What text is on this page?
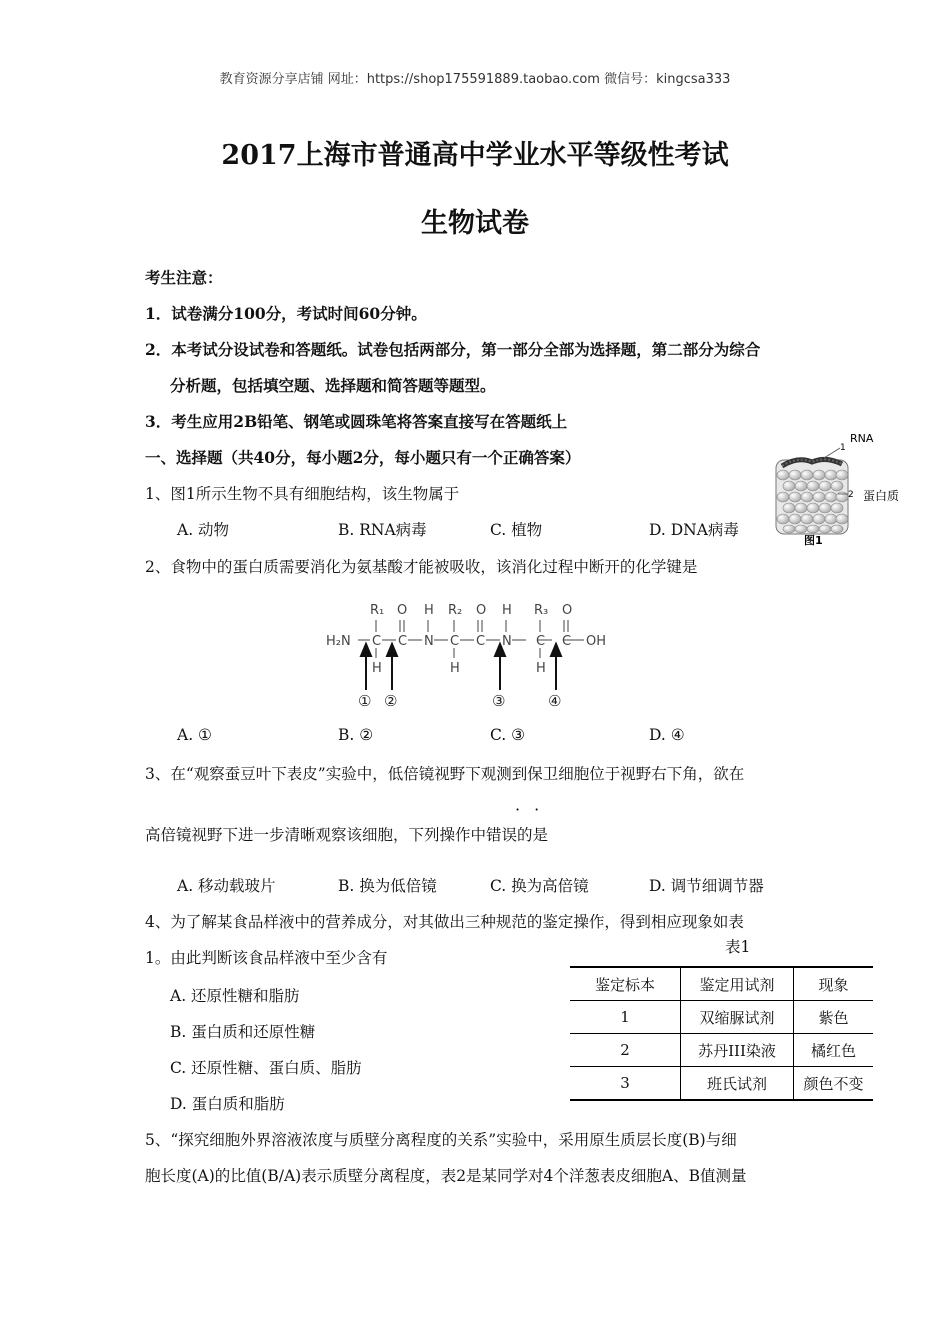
教育资源分享店铺 网址：https://shop175591889.taobao.com 微信号：kingcsa333
2017上海市普通高中学业水平等级性考试
生物试卷
考生注意：
1．试卷满分100分，考试时间60分钟。
2．本考试分设试卷和答题纸。试卷包括两部分，第一部分全部为选择题，第二部分为综合
分析题，包括填空题、选择题和简答题等题型。
3．考生应用2B铅笔、钢笔或圆珠笔将答案直接写在答题纸上
一、选择题（共40分，每小题2分，每小题只有一个正确答案）
1、图1所示生物不具有细胞结构，该生物属于
A. 动物	B. RNA病毒	C. 植物	D. DNA病毒
1
RNA
2 蛋白质
图1
2、食物中的蛋白质需要消化为氨基酸才能被吸收，该消化过程中断开的化学键是
H₂N C C N C C N C C OH
R₁	R₂	R₃
O H	O H	O
H	H	H
① ②	③	④
A. ①	B. ②	C. ③	D. ④
3、在“观察蚕豆叶下表皮”实验中，低倍镜视野下观测到保卫细胞位于视野右下角，欲在
··
高倍镜视野下进一步清晰观察该细胞，下列操作中错误的是
A. 移动载玻片	B. 换为低倍镜	C. 换为高倍镜	D. 调节细调节器
4、为了解某食品样液中的营养成分，对其做出三种规范的鉴定操作，得到相应现象如表
表1
1。由此判断该食品样液中至少含有
A. 还原性糖和脂肪
B. 蛋白质和还原性糖
C. 还原性糖、蛋白质、脂肪
D. 蛋白质和脂肪
鉴定标本	鉴定用试剂	现象
1	双缩脲试剂	紫色
2	苏丹III染液	橘红色
3	班氏试剂	颜色不变
5、“探究细胞外界溶液浓度与质壁分离程度的关系”实验中，采用原生质层长度(B)与细
胞长度(A)的比值(B/A)表示质壁分离程度，表2是某同学对4个洋葱表皮细胞A、B值测量
